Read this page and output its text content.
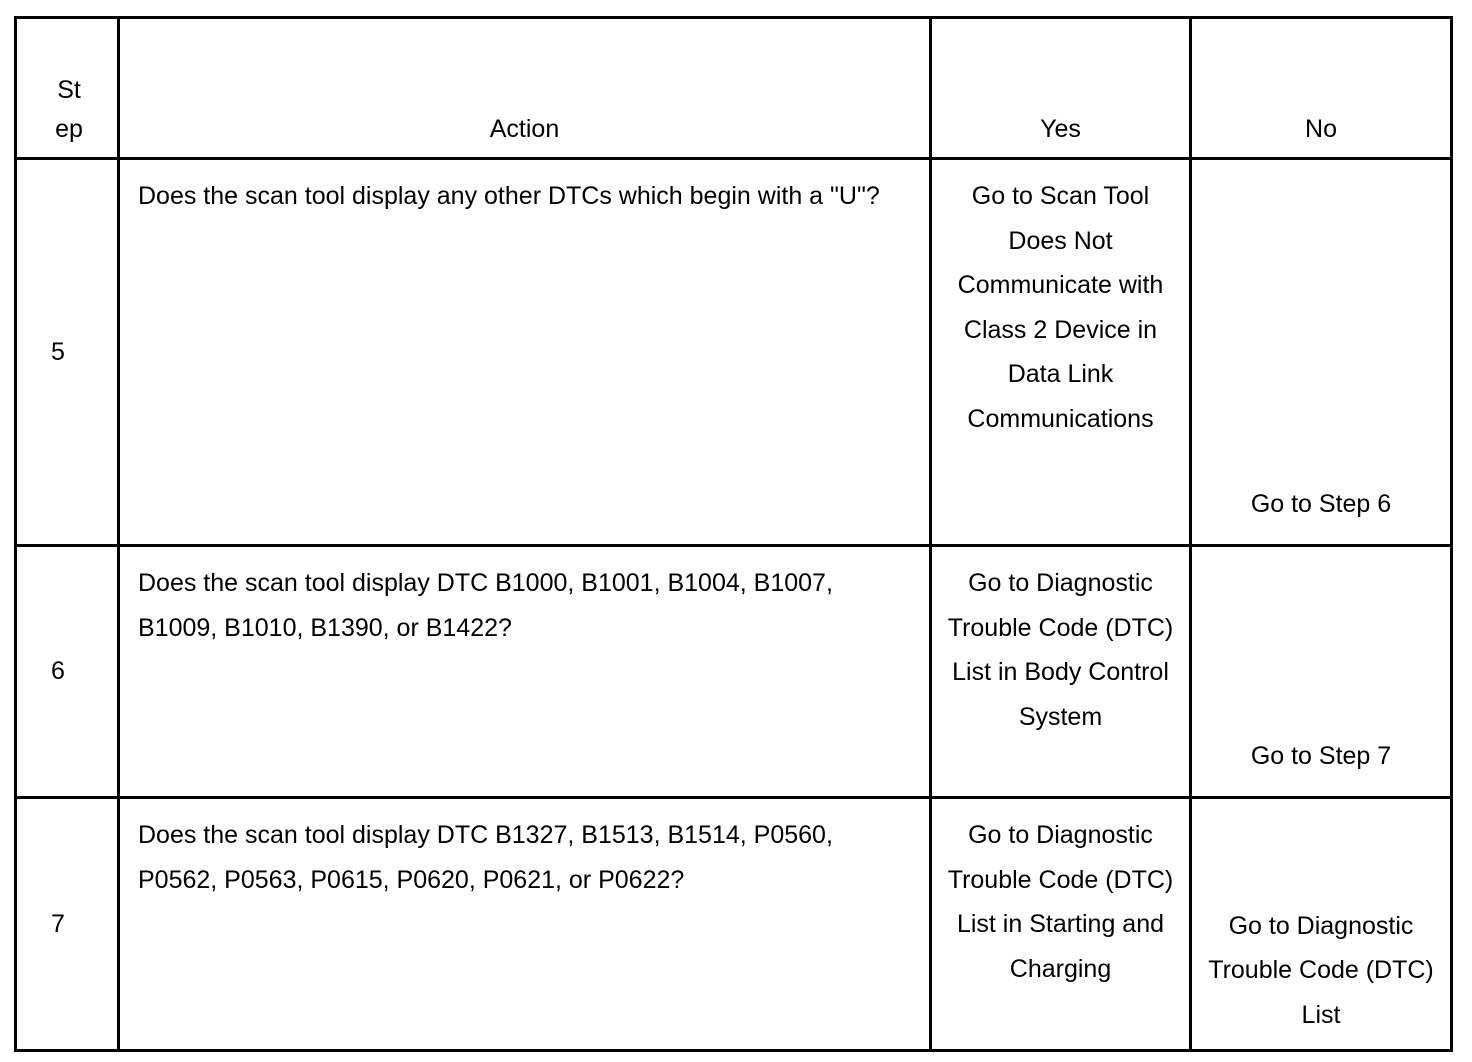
St
ep	Action	Yes	No

5	Does the scan tool display any other DTCs which begin with a "U"?	Go to Scan Tool Does Not Communicate with Class 2 Device in Data Link Communications	Go to Step 6

6	Does the scan tool display DTC B1000, B1001, B1004, B1007, B1009, B1010, B1390, or B1422?	Go to Diagnostic Trouble Code (DTC) List in Body Control System	Go to Step 7

7	Does the scan tool display DTC B1327, B1513, B1514, P0560, P0562, P0563, P0615, P0620, P0621, or P0622?	Go to Diagnostic Trouble Code (DTC) List in Starting and Charging	Go to Diagnostic Trouble Code (DTC) List
